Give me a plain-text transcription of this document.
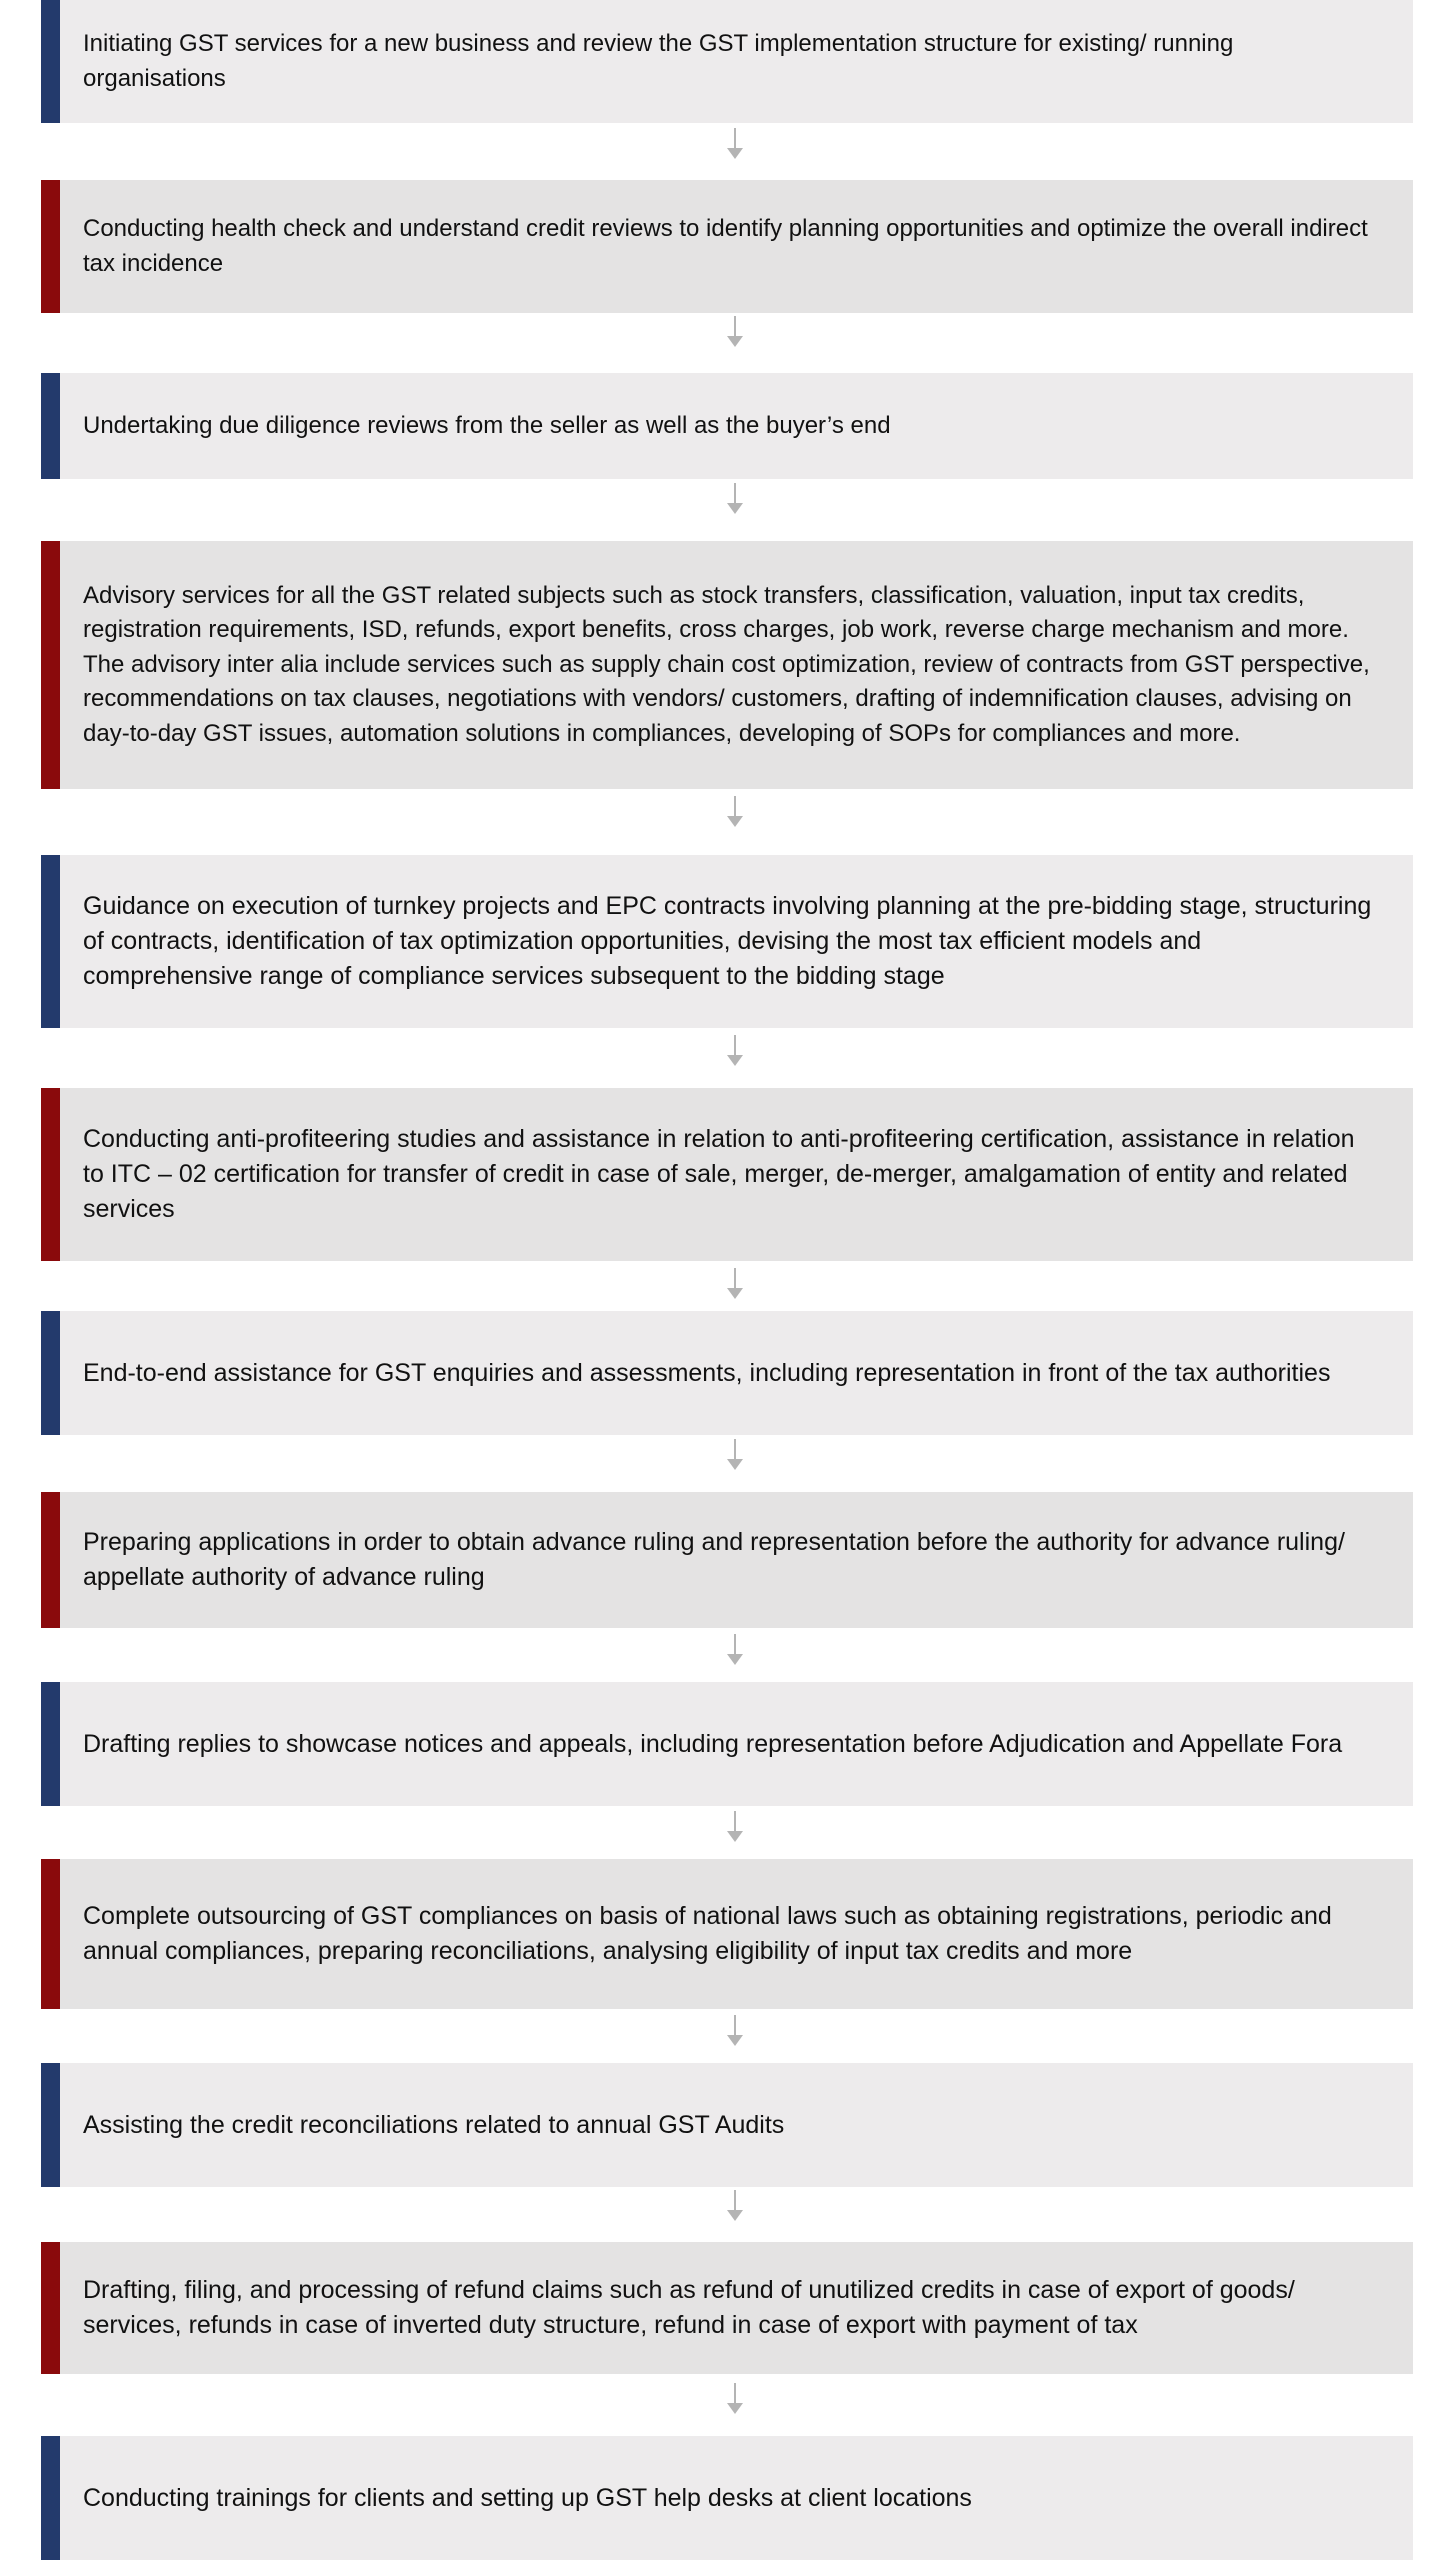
Initiating GST services for a new business and review the GST implementation structure for existing/ running organisations
Conducting health check and understand credit reviews to identify planning opportunities and optimize the overall indirect tax incidence
Undertaking due diligence reviews from the seller as well as the buyer’s end
Advisory services for all the GST related subjects such as stock transfers, classification, valuation, input tax credits, registration requirements, ISD, refunds, export benefits, cross charges, job work, reverse charge mechanism and more. The advisory inter alia include services such as supply chain cost optimization, review of contracts from GST perspective, recommendations on tax clauses, negotiations with vendors/ customers, drafting of indemnification clauses, advising on day-to-day GST issues, automation solutions in compliances, developing of SOPs for compliances and more.
Guidance on execution of turnkey projects and EPC contracts involving planning at the pre-bidding stage, structuring of contracts, identification of tax optimization opportunities, devising the most tax efficient models and comprehensive range of compliance services subsequent to the bidding stage
Conducting anti-profiteering studies and assistance in relation to anti-profiteering certification, assistance in relation to ITC – 02 certification for transfer of credit in case of sale, merger, de-merger, amalgamation of entity and related services
End-to-end assistance for GST enquiries and assessments, including representation in front of the tax authorities
Preparing applications in order to obtain advance ruling and representation before the authority for advance ruling/ appellate authority of advance ruling
Drafting replies to showcase notices and appeals, including representation before Adjudication and Appellate Fora
Complete outsourcing of GST compliances on basis of national laws such as obtaining registrations, periodic and annual compliances, preparing reconciliations, analysing eligibility of input tax credits and more
Assisting the credit reconciliations related to annual GST Audits
Drafting, filing, and processing of refund claims such as refund of unutilized credits in case of export of goods/ services, refunds in case of inverted duty structure, refund in case of export with payment of tax
Conducting trainings for clients and setting up GST help desks at client locations
